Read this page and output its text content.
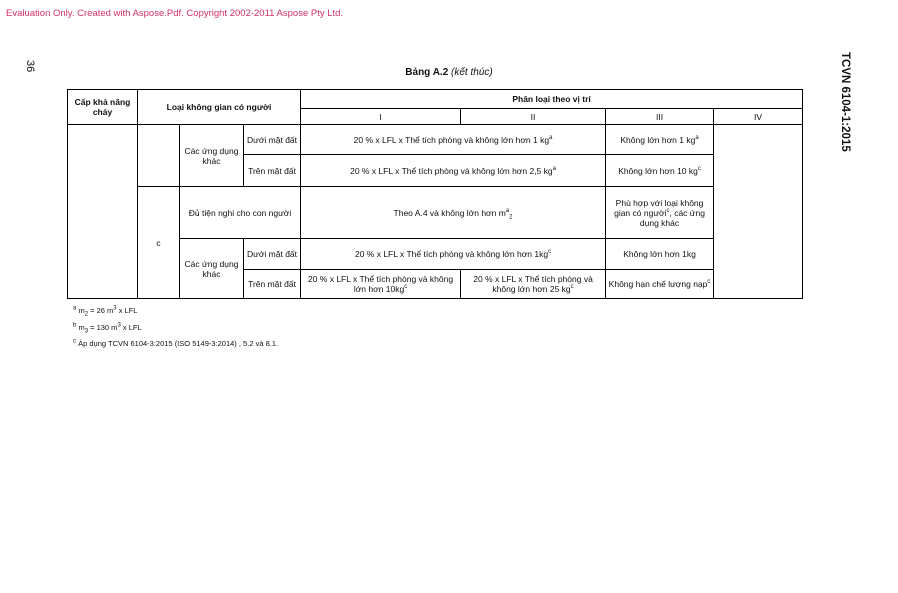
Evaluation Only. Created with Aspose.Pdf. Copyright 2002-2011 Aspose Pty Ltd.
36	TCVN 6104-1:2015
Bảng A.2 (kết thúc)
Cấp khả năng cháy	Loại không gian có người			Phân loại theo vị trí			
				I	II	III	IV
		Các ứng dụng khác	Dưới mặt đất	20 % x LFL x Thể tích phòng và không lớn hơn 1 $kg^a$		Không lớn hơn 1 $kg^a$	
			Trên mặt đất	20 % x LFL x Thể tích phòng và không lớn hơn 2,5 $kg^a$		Không lớn hơn 10 $kg^c$
	c	Đủ tiện nghi cho con người		Theo A.4 và không lớn hơn $m^a_2$		Phù hợp với loại không gian có người$^c$, các ứng dụng khác	
		Các ứng dụng khác	Dưới mặt đất	20 % x LFL x Thể tích phòng và không lớn hơn $1kg^c$		Không lớn hơn 1kg	
			Trên mặt đất	20 % x LFL x Thể tích phòng và không lớn hơn $10kg^c$	20 % x LFL x Thể tích phòng và không lớn hơn 25 $kg^c$	Không hạn chế lượng nạp$^c$
$^a$ $m_2 = 26$ $m^3$ x LFL
$^b$ $m_3 = 130$ $m^3$ x LFL
$^c$ Áp dụng TCVN 6104-3:2015 (ISO 5149-3:2014) , 5.2 và 8.1.
